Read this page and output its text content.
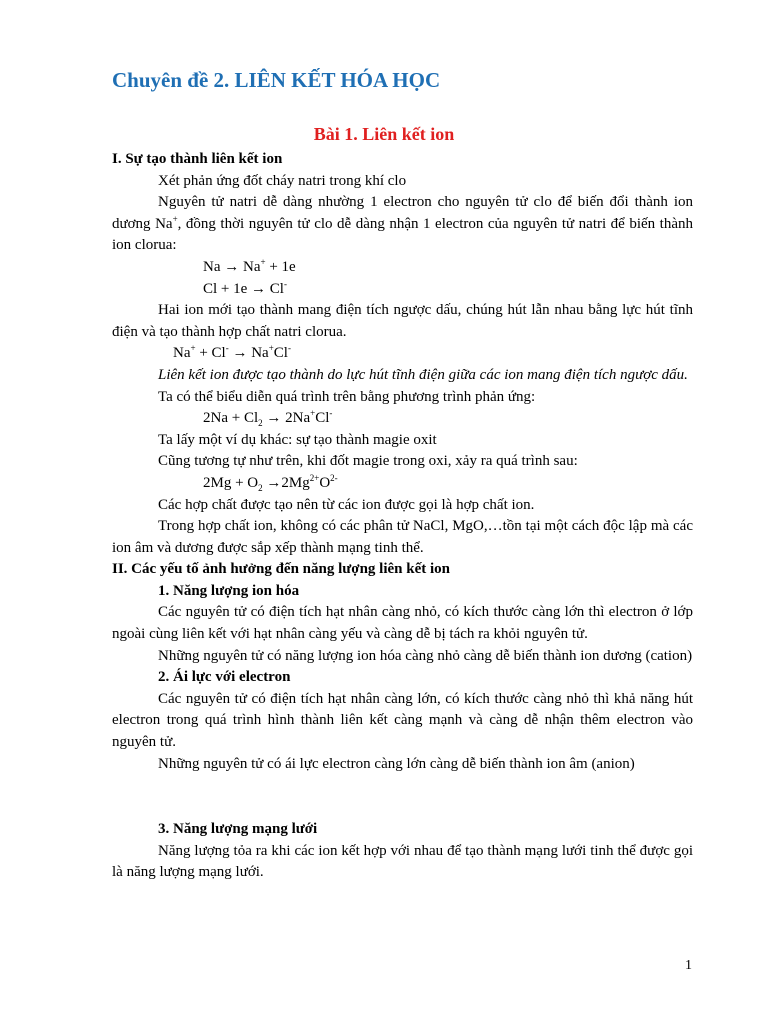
Chuyên đề 2. LIÊN KẾT HÓA HỌC
Bài 1. Liên kết ion

I. Sự tạo thành liên kết ion

Xét phản ứng đốt cháy natri trong khí clo

Nguyên tử natri dễ dàng nhường 1 electron cho nguyên tử clo để biến đổi thành ion dương Na+, đồng thời nguyên tử clo dễ dàng nhận 1 electron của nguyên tử natri để biến thành ion clorua:

Na → Na+ + 1e

Cl + 1e → Cl-

Hai ion mới tạo thành mang điện tích ngược dấu, chúng hút lẫn nhau bằng lực hút tĩnh điện và tạo thành hợp chất natri clorua.

Na+ + Cl- → Na+Cl-

Liên kết ion được tạo thành do lực hút tĩnh điện giữa các ion mang điện tích ngược dấu.

Ta có thể biểu diễn quá trình trên bằng phương trình phản ứng:

$2Na + Cl_2 \to 2Na^+Cl^-$

Ta lấy một ví dụ khác: sự tạo thành magie oxit

Cũng tương tự như trên, khi đốt magie trong oxi, xảy ra quá trình sau:

$2Mg + O_2 \to 2Mg^{2+}O^{2-}$

Các hợp chất được tạo nên từ các ion được gọi là hợp chất ion.

Trong hợp chất ion, không có các phân tử NaCl, MgO,…tồn tại một cách độc lập mà các ion âm và dương được sắp xếp thành mạng tinh thể.

II. Các yếu tố ảnh hưởng đến năng lượng liên kết ion

1. Năng lượng ion hóa

Các nguyên tử có điện tích hạt nhân càng nhỏ, có kích thước càng lớn thì electron ở lớp ngoài cùng liên kết với hạt nhân càng yếu và càng dễ bị tách ra khỏi nguyên tử.

Những nguyên tử có năng lượng ion hóa càng nhỏ càng dễ biến thành ion dương (cation)

2. Ái lực với electron

Các nguyên tử có điện tích hạt nhân càng lớn, có kích thước càng nhỏ thì khả năng hút electron trong quá trình hình thành liên kết càng mạnh và càng dễ nhận thêm electron vào nguyên tử.

Những nguyên tử có ái lực electron càng lớn càng dễ biến thành ion âm (anion)

3. Năng lượng mạng lưới

Năng lượng tỏa ra khi các ion kết hợp với nhau để tạo thành mạng lưới tinh thể được gọi là năng lượng mạng lưới.

1
